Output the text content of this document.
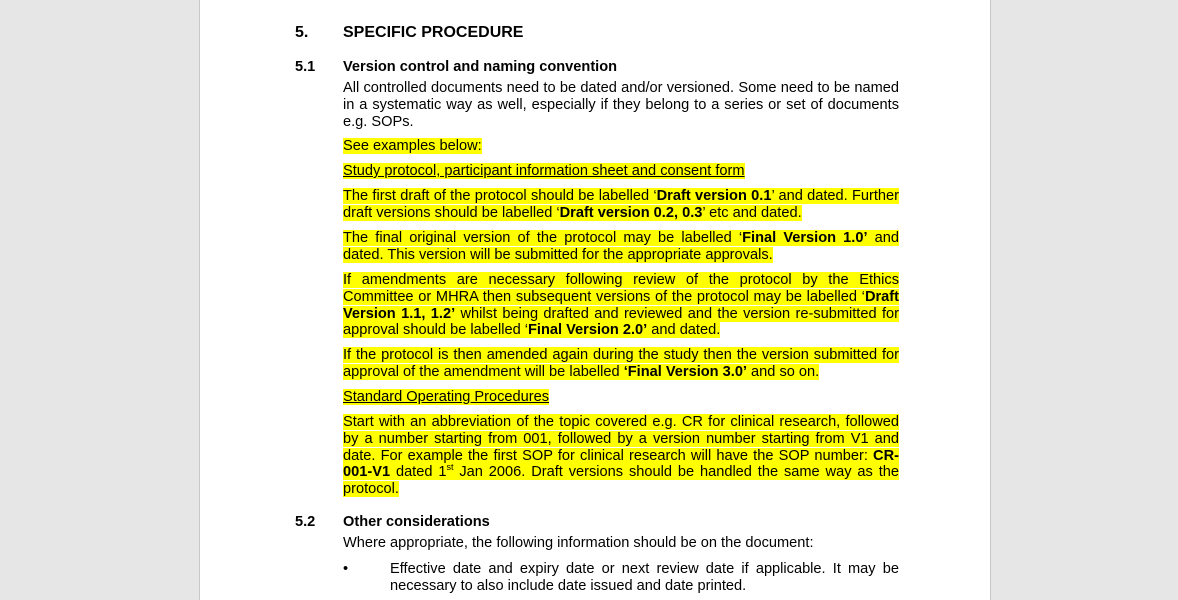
5. SPECIFIC PROCEDURE
5.1 Version control and naming convention
All controlled documents need to be dated and/or versioned. Some need to be named in a systematic way as well, especially if they belong to a series or set of documents e.g. SOPs.
See examples below:
Study protocol, participant information sheet and consent form
The first draft of the protocol should be labelled ‘Draft version 0.1’ and dated. Further draft versions should be labelled ‘Draft version 0.2, 0.3’ etc and dated.
The final original version of the protocol may be labelled ‘Final Version 1.0’ and dated. This version will be submitted for the appropriate approvals.
If amendments are necessary following review of the protocol by the Ethics Committee or MHRA then subsequent versions of the protocol may be labelled ‘Draft Version 1.1, 1.2’ whilst being drafted and reviewed and the version re-submitted for approval should be labelled ‘Final Version 2.0’ and dated.
If the protocol is then amended again during the study then the version submitted for approval of the amendment will be labelled ‘Final Version 3.0’ and so on.
Standard Operating Procedures
Start with an abbreviation of the topic covered e.g. CR for clinical research, followed by a number starting from 001, followed by a version number starting from V1 and date. For example the first SOP for clinical research will have the SOP number: CR-001-V1 dated 1st Jan 2006. Draft versions should be handled the same way as the protocol.
5.2 Other considerations
Where appropriate, the following information should be on the document:
•	Effective date and expiry date or next review date if applicable. It may be necessary to also include date issued and date printed.
